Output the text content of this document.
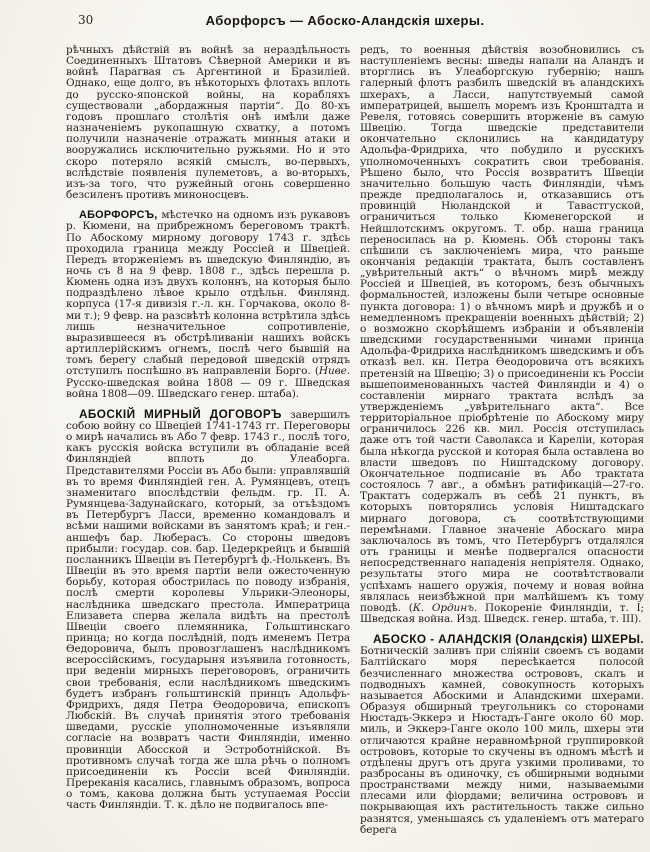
30	Аборфорсъ — Абоско-Аландскія шхеры.

рѣчныхъ дѣйствій въ войнѣ за нераздѣльность Соединенныхъ Штатовъ Сѣверной Америки и въ войнѣ Парагвая съ Аргентиной и Бразиліей. Однако, еще долго, въ нѣкоторыхъ флотахъ вплоть до русско-японской войны, на корабляхъ существовали „абордажныя партіи“. До 80-хъ годовъ прошлаго столѣтія онѣ имѣли даже назначеніемъ рукопашную схватку, а потомъ получили назначеніе отражать минныя атаки и вооружались исключительно ружьями. Но и это скоро потеряло всякій смыслъ, во-первыхъ, вслѣдствіе появленія пулеметовъ, а во-вторыхъ, изъ-за того, что ружейный огонь совершенно безсиленъ противъ миноносцевъ.

АБОРФОРСЪ, мѣстечко на одномъ изъ рукавовъ р. Кюмени, на прибрежномъ береговомъ трактѣ. По Абоскому мирному договору 1743 г. здѣсь проходила граница между Россіей и Швеціей. Передъ вторженіемъ въ шведскую Финляндію, въ ночь съ 8 на 9 февр. 1808 г., здѣсь перешла р. Кюмень одна изъ двухъ колоннъ, на которыя было подраздѣлено лѣвое крыло отдѣльн. Финлянд. корпуса (17-я дивизія г.-л. кн. Горчакова, около 8-ми т.); 9 февр. на разсвѣтѣ колонна встрѣтила здѣсь лишь незначительное сопротивленіе, выразившееся въ обстрѣливаніи нашихъ войскъ артиллерійскимъ огнемъ, послѣ чего бывшій на томъ берегу слабый передовой шведскій отрядъ отступилъ поспѣшно въ направленіи Борго. (Ниве. Русско-шведская война 1808 — 09 г. Шведская война 1808—09. Шведскаго генер. штаба).

АБОСКІЙ МИРНЫЙ ДОГОВОРЪ завершилъ собою войну со Швеціей 1741-1743 гг. Переговоры о мирѣ начались въ Або 7 февр. 1743 г., послѣ того, какъ русскія войска вступили въ обладаніе всей Финляндіей вплоть до Улеаборга. Представителями Россіи въ Або были: управлявшій въ то время Финляндіей ген. А. Румянцевъ, отецъ знаменитаго впослѣдствіи фельдм. гр. П. А. Румянцева-Задунайскаго, который, за отъѣздомъ въ Петербургъ Ласси, временно командовалъ и всѣми нашими войсками въ занятомъ краѣ; и ген.-аншефъ бар. Люберасъ. Со стороны шведовъ прибыли: государ. сов. бар. Цедеркрейцъ и бывшій посланникъ Швеціи въ Петербургѣ ф.-Нолькенъ. Въ Швеціи въ это время партіи вели ожесточенную борьбу, которая обострилась по поводу избранія, послѣ смерти королевы Ульрики-Элеоноры, наслѣдника шведскаго престола. Императрица Елизавета сперва желала видѣть на престолѣ Швеціи своего племянника, Гольштинскаго принца; но когда послѣдній, подъ именемъ Петра Ѳедоровича, былъ провозглашенъ наслѣдникомъ всероссійскимъ, государыня изъявила готовность, при веденіи мирныхъ переговоровъ, ограничить свои требованія, если наслѣдникомъ шведскимъ будетъ избранъ гольштинскій принцъ Адольфъ-Фридрихъ, дядя Петра Ѳеодоровича, епископъ Любскій. Въ случаѣ принятія этого требованія шведами, русскіе уполномоченные изъявляли согласіе на возвратъ части Финляндіи, именно провинціи Абосской и Эстроботнійской. Въ противномъ случаѣ тогда же шла рѣчь о полномъ присоединеніи къ Россіи всей Финляндіи. Пререканія касались, главнымъ образомъ, вопроса о томъ, какова должна быть уступаемая Россіи часть Финляндіи. Т. к. дѣло не подвигалось впе-

редъ, то военныя дѣйствія возобновились съ наступленіемъ весны: шведы напали на Аландъ и вторглись въ Улеаборгскую губернію; нашъ галерный флотъ разбилъ шведскій въ аландскихъ шхерахъ, а Ласси, напутствуемый самой императрицей, вышелъ моремъ изъ Кронштадта и Ревеля, готовясь совершить вторженіе въ самую Швецію. Тогда шведскіе представители окончательно склонились на кандидатуру Адольфа-Фридриха, что побудило и русскихъ уполномоченныхъ сократить свои требованія. Рѣшено было, что Россія возвратитъ Швеціи значительно большую часть Финляндіи, чѣмъ прежде предполагалось и, отказавшись отъ провинцій Нюландской и Тавастгуской, ограничиться только Кюменегорской и Нейшлотскимъ округомъ. Т. обр. наша граница переносилась на р. Кюмень. Обѣ стороны такъ спѣшили съ заключеніемъ мира, что раньше окончанія редакціи трактата, былъ составленъ „увѣрительный актъ“ о вѣчномъ мирѣ между Россіей и Швеціей, въ которомъ, безъ обычныхъ формальностей, изложены были четыре основные пункта договора: 1) о вѣчномъ мирѣ и дружбѣ и о немедленномъ прекращеніи военныхъ дѣйствій; 2) о возможно скорѣйшемъ избраніи и объявленіи шведскими государственными чинами принца Адольфа-Фридриха наслѣдникомъ шведскимъ и объ отказѣ вел. кн. Петра Ѳеодоровича отъ всякихъ претензій на Швецію; 3) о присоединеніи къ Россіи вышепоименованныхъ частей Финляндіи и 4) о составленіи мирнаго трактата вслѣдъ за утвержденіемъ „увѣрительнаго акта“. Все территоріальное пріобрѣтеніе по Абоскому миру ограничилось 226 кв. мил. Россія отступилась даже отъ той части Саволакса и Кареліи, которая была нѣкогда русской и которая была оставлена во власти шведовъ по Ништадскому договору. Окончательное подписаніе въ Або трактата состоялось 7 авг., а обмѣнъ ратификацій—27-го. Трактатъ содержалъ въ себѣ 21 пунктъ, въ которыхъ повторялись условія Ништадскаго мирнаго договора, съ соотвѣтствующими перемѣнами. Главное значеніе Абоскаго мира заключалось въ томъ, что Петербургъ отдалялся отъ границы и менѣе подвергался опасности непосредственнаго нападенія непріятеля. Однако, результаты этого мира не соотвѣтствовали успѣхамъ нашего оружія, почему и новая война являлась неизбѣжной при малѣйшемъ къ тому поводѣ. (К. Ординъ. Покореніе Финляндіи, т. I; Шведская война. Изд. Шведск. генер. штаба, т. III).

АБОСКО - АЛАНДСКІЯ (Оландскія) ШХЕРЫ. Ботническій заливъ при сліяніи своемъ съ водами Балтійскаго моря пересѣкается полосой безчисленнаго множества острововъ, скалъ и подводныхъ камней, совокупность которыхъ называется Абоскими и Аландскими шхерами. Образуя обширный треугольникъ со сторонами Нюстадъ-Эккерэ и Нюстадъ-Ганге около 60 мор. миль, и Эккерэ-Ганге около 100 миль, шхеры эти отличаются крайне неравномѣрной группировкой острововъ, которые то скучены въ одномъ мѣстѣ и отдѣлены другъ отъ друга узкими проливами, то разбросаны въ одиночку, съ обширными водными пространствами между ними, называемыми плесами или фіордами; величина острововъ и покрывающая ихъ растительность также сильно разнятся, уменьшаясь съ удаленіемъ отъ матераго берега
